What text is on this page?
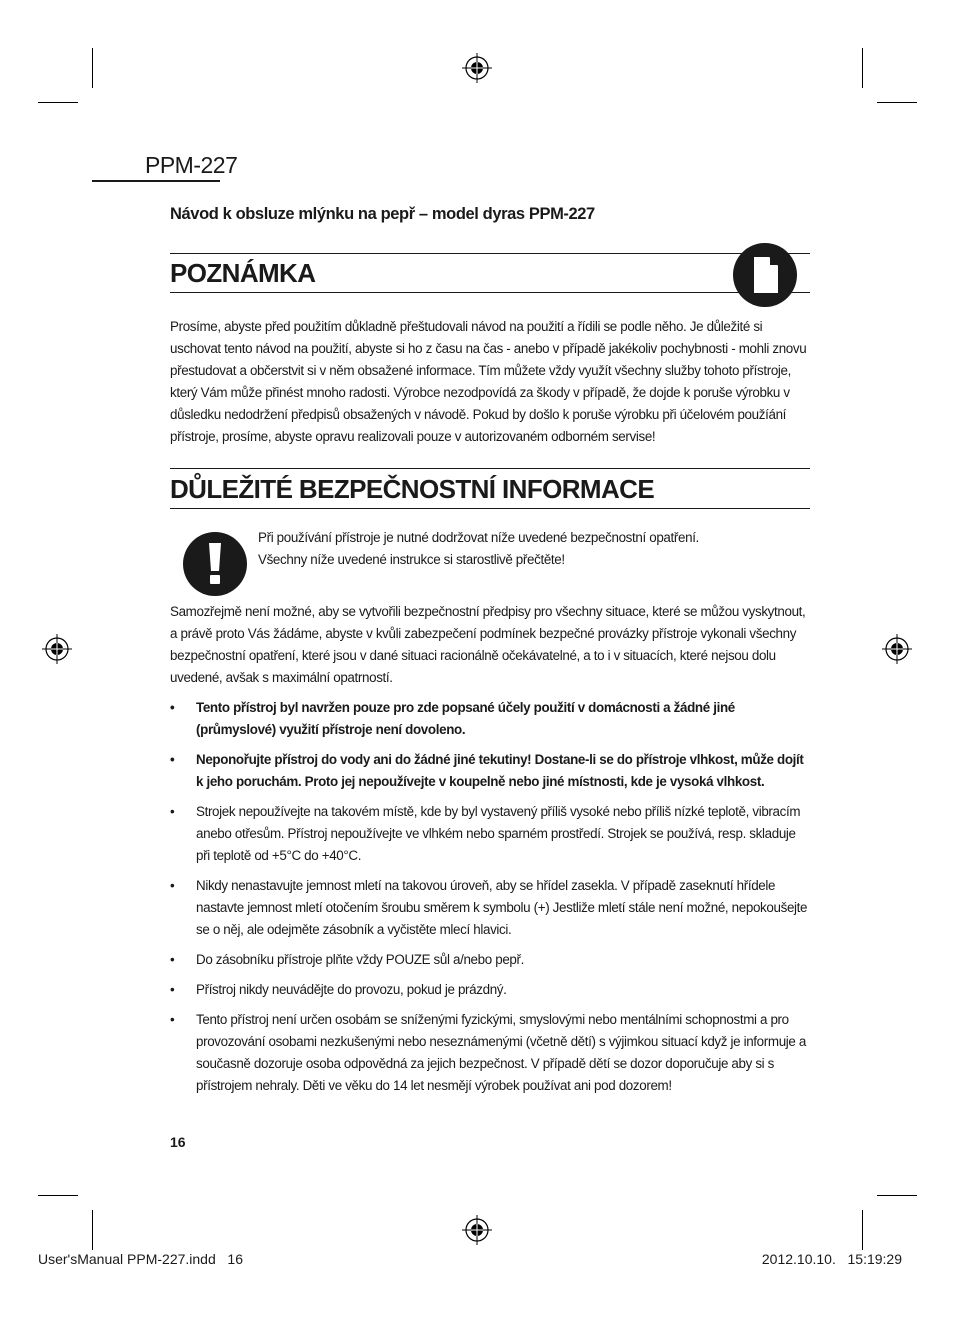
PPM-227
Návod k obsluze mlýnku na pepř – model dyras PPM-227
POZNÁMKA

Prosíme, abyste před použitím důkladně přeštudovali návod na použití a řídili se podle něho. Je důležité si uschovat tento návod na použití, abyste si ho z času na čas - anebo v případě jakékoliv pochybnosti - mohli znovu přestudovat a občerstvit si v něm obsažené informace. Tím můžete vždy využít všechny služby tohoto přístroje, který Vám může přinést mnoho radosti. Výrobce nezodpovídá za škody v případě, že dojde k poruše výrobku v důsledku nedodržení předpisů obsažených v návodě. Pokud by došlo k poruše výrobku při účelovém použíání přístroje, prosíme, abyste opravu realizovali pouze v autorizovaném odborném servise!

DŮLEŽITÉ BEZPEČNOSTNÍ INFORMACE
Při používání přístroje je nutné dodržovat níže uvedené bezpečnostní opatření.
Všechny níže uvedené instrukce si starostlivě přečtěte!

Samozřejmě není možné, aby se vytvořili bezpečnostní předpisy pro všechny situace, které se můžou vyskytnout, a právě proto Vás žádáme, abyste v kvůli zabezpečení podmínek bezpečné provázky přístroje vykonali všechny bezpečnostní opatření, které jsou v dané situaci racionálně očekávatelné, a to i v situacích, které nejsou dolu uvedené, avšak s maximální opatrností.

• Tento přístroj byl navržen pouze pro zde popsané účely použití v domácnosti a žádné jiné (průmyslové) využití přístroje není dovoleno.
• Neponořujte přístroj do vody ani do žádné jiné tekutiny! Dostane-li se do přístroje vlhkost, může dojít k jeho poruchám. Proto jej nepoužívejte v koupelně nebo jiné místnosti, kde je vysoká vlhkost.
• Strojek nepoužívejte na takovém místě, kde by byl vystavený příliš vysoké nebo příliš nízké teplotě, vibracím anebo otřesům. Přístroj nepoužívejte ve vlhkém nebo sparném prostředí. Strojek se používá, resp. skladuje při teplotě od +5°C do +40°C.
• Nikdy nenastavujte jemnost mletí na takovou úroveň, aby se hřídel zasekla. V případě zaseknutí hřídele nastavte jemnost mletí otočením šroubu směrem k symbolu (+) Jestliže mletí stále není možné, nepokoušejte se o něj, ale odejměte zásobník a vyčistěte mlecí hlavici.
• Do zásobníku přístroje plňte vždy POUZE sůl a/nebo pepř.
• Přístroj nikdy neuvádějte do provozu, pokud je prázdný.
• Tento přístroj není určen osobám se sníženými fyzickými, smyslovými nebo mentálními schopnostmi a pro provozování osobami nezkušenými nebo neseznámenými (včetně dětí) s výjimkou situací když je informuje a současně dozoruje osoba odpovědná za jejich bezpečnost. V případě dětí se dozor doporučuje aby si s přístrojem nehraly. Děti ve věku do 14 let nesmějí výrobek používat ani pod dozorem!
16
User'sManual PPM-227.indd   16	2012.10.10.   15:19:29
